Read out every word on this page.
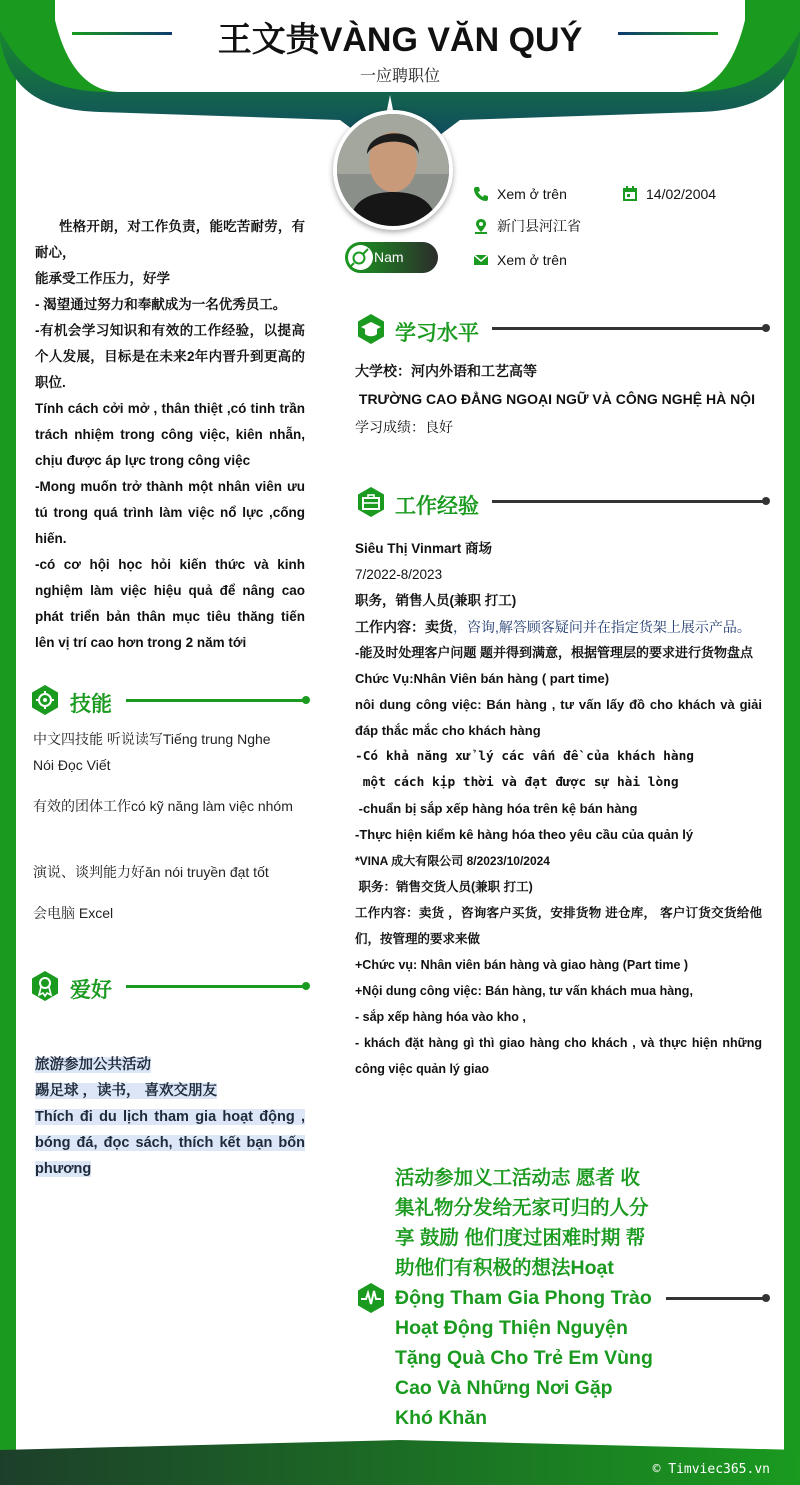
王文贵VÀNG VĂN QUÝ
一应聘职位
Nam
Xem ở trên	14/02/2004
新门县河江省
Xem ở trên

性格开朗，对工作负责，能吃苦耐劳，有耐心，

能承受工作压力，好学

- 渴望通过努力和奉献成为一名优秀员工。

-有机会学习知识和有效的工作经验，以提高个人发展，目标是在未来2年内晋升到更高的职位.

Tính cách cởi mở , thân thiệt ,có tinh trần trách nhiệm trong công việc, kiên nhẫn, chịu được áp lực trong công việc

-Mong muốn trở thành một nhân viên ưu tú trong quá trình làm việc nổ lực ,cống hiến.

-có cơ hội học hỏi kiến thức và kinh nghiệm làm việc hiệu quả để nâng cao phát triển bản thân mục tiêu thăng tiến lên vị trí cao hơn trong 2 năm tới

技能
中文四技能 听说读写Tiếng trung Nghe Nói Đọc Viết
有效的团体工作có kỹ năng làm việc nhóm
演说、谈判能力好ăn nói truyền đạt tốt
会电脑 Excel
爱好

旅游参加公共活动

踢足球 ，读书， 喜欢交朋友

Thích đi du lịch tham gia hoạt động , bóng đá, đọc sách, thích kết bạn bốn phương

学习水平

大学校：河内外语和工艺高等

TRƯỜNG CAO ĐẲNG NGOẠI NGỮ VÀ CÔNG NGHỆ HÀ NỘI

学习成绩：良好

工作经验

Siêu Thị Vinmart 商场

7/2022-8/2023

职务，销售人员(兼职 打工)

工作内容：卖货，咨询,解答顾客疑问并在指定货架上展示产品。

-能及时处理客户问题 题并得到满意，根据管理层的要求进行货物盘点

Chức Vụ:Nhân Viên bán hàng ( part time)

nôi dung công việc: Bán hàng , tư vấn lấy đồ cho khách và giải đáp thắc mắc cho khách hàng

-Có khả năng xử lý các vấn đề của khách hàng

một cách kịp thời và đạt được sự hài lòng

-chuẩn bị sắp xếp hàng hóa trên kệ bán hàng

-Thực hiện kiểm kê hàng hóa theo yêu cầu của quản lý

*VINA 成大有限公司 8/2023/10/2024

职务：销售交货人员(兼职 打工)

工作内容：卖货 ，咨询客户买货，安排货物 进仓库， 客户订货交货给他们，按管理的要求来做

+Chức vụ: Nhân viên bán hàng và giao hàng (Part time )

+Nội dung công việc: Bán hàng, tư vấn khách mua hàng,

- sắp xếp hàng hóa vào kho ,

- khách đặt hàng gì thì giao hàng cho khách , và thực hiện những công việc quản lý giao

活动参加义工活动志 愿者 收集礼物分发给无家可归的人分享 鼓励 他们度过困难时期 帮 助他们有积极的想法Hoạt Động Tham Gia Phong Trào Hoạt Động Thiện Nguyện Tặng Quà Cho Trẻ Em Vùng Cao Và Những Nơi Gặp Khó Khăn
© Timviec365.vn
